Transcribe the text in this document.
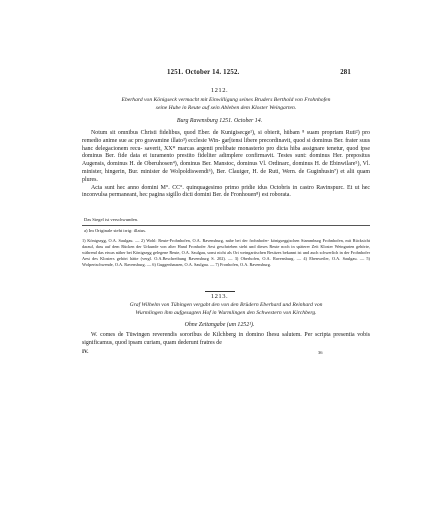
1251. October 14. 1252.	281
1212.
Eberhard von Königseck vermacht mit Einwilligung seines Bruders Berthold von Frohnhofen
seine Hube in Reute auf sein Ableben dem Kloster Weingarten.
Burg Ravensburg 1251. October 14.

Notum sit omnibus Christi fidelibus, quod Eber. de Kunigisecge¹), si obierit, hübam ⁸ suam propriam Ruti²) pro remedio anime sue ac pro gravamine illato³) ecclesie Win- gar[tensi libere precordinavit, quod si dominus Ber. frater suus hanc delegacionem recu- saverit, XX* marcas argenti prelibate monasterio pro dicta hiba assignare tenetur, quod ipse dominus Ber. fide data et iuramento prestito fideliter adimplere confirmavit. Testes sunt: dominus Her. prepositus Augensis, dominus H. de Oberuhosen⁴), dominus Ber. Manstoc, dominus Vl. Ordinarc, dominus H. de Ebinwilare⁵), Vl. minister, hingerin, Bur. minister de Wolpoldiswendi⁶), Ber. Clauiger, H. de Ruti, Wern. de Guginhusin⁷) et alii quam plures.

Acta sunt hec anno domini M°. CC°. quinquagesimo primo pridie idus Octobris in castro Ravinspurc. Et ut hec inconvulsa permaneant, hec pagina sigillo dicti domini Ber. de Fronhouen⁸) est roborata.

Das Siegel ist verschwunden.
a) Im Originale steht irrig: illatus.
1) Königsegg, O.A. Saulgau. — 2) Wohl: Reute-Frohnhofen, O.A. Ravensburg, nahe bei der frohnhofer- königseggischen Stammburg Frohnhofen, mit Rücksicht darauf, dass auf dem Rücken der Urkunde von alter Hand Fronhofer Aest geschrieben steht und dieses Reute noch in späterer Zeit Kloster Weingarten gehörte, während das etwas näher bei Königsegg gelegene Reute, O.A. Saulgau, sonst nicht als Ort weingartischen Besitzes bekannt ist und auch schwerlich in der Frohnhofer Aest des Klosters gehört hätte (vergl. O.A.Beschreibung Ravensburg S. 202). — 3) Oberhofen, O.A. Ravensburg. — 4) Ebenweiler, O.A. Saulgau. — 5) Wolpertschwende, O.A. Ravensburg. — 6) Guggenhausen, O.A. Saulgau. — 7) Fronhofen, O.A. Ravensburg.
1213.
Graf Wilhelm von Tübingen vergabt den von den Brüdern Eberhard und Reinhard von
Wurmlingen ihm aufgesagten Hof in Wurmlingen den Schwestern von Kirchberg.
Ohne Zeitangabe (um 1252¹).

W. comes de Tüwingen reverendis sororibus de Kilchberg in domino Ihesu salutem. Per scripta presentia vobis significamus, quod ipsam curiam, quam dederunt fratres de

IV.	36
